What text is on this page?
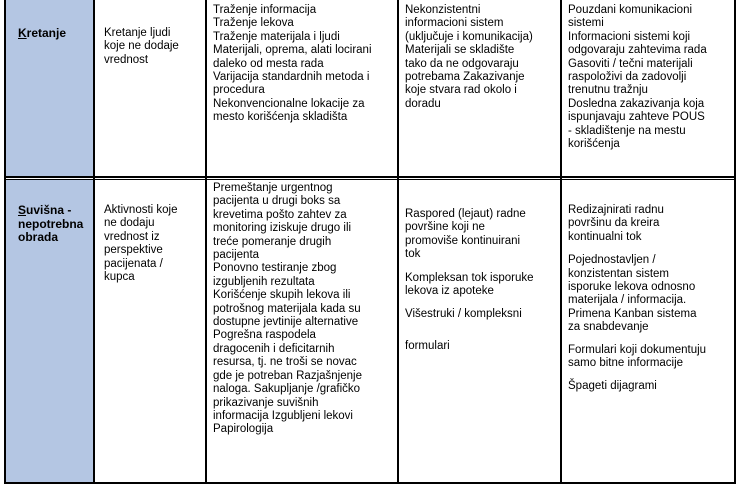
Kretanje	Kretanje ljudi
koje ne dodaje
vrednost
Traženje informacija
Traženje lekova
Traženje materijala i ljudi
Materijali, oprema, alati locirani
daleko od mesta rada
Varijacija standardnih metoda i
procedura
Nekonvencionalne lokacije za
mesto korišćenja skladišta
Nekonzistentni
informacioni sistem
(uključuje i komunikacija)
Materijali se skladište
tako da ne odgovaraju
potrebama Zakazivanje
koje stvara rad okolo i
doradu
Pouzdani komunikacioni
sistemi
Informacioni sistemi koji
odgovaraju zahtevima rada
Gasoviti / tečni materijali
raspoloživi da zadovolji
trenutnu tražnju
Dosledna zakazivanja koja
ispunjavaju zahteve POUS
- skladištenje na mestu
korišćenja
Suvišna -
nepotrebna
obrada
Aktivnosti koje
ne dodaju
vrednost iz
perspektive
pacijenata /
kupca
Premeštanje urgentnog
pacijenta u drugi boks sa
krevetima pošto zahtev za
monitoring iziskuje drugo ili
treće pomeranje drugih
pacijenta
Ponovno testiranje zbog
izgubljenih rezultata
Korišćenje skupih lekova ili
potrošnog materijala kada su
dostupne jevtinije alternative
Pogrešna raspodela
dragocenih i deficitarnih
resursa, tj. ne troši se novac
gde je potreban Razjašnjenje
naloga. Sakupljanje /grafičko
prikazivanje suvišnih
informacija Izgubljeni lekovi
Papirologija
Raspored (lejaut) radne
površine koji ne
promoviše kontinuirani
tok
Kompleksan tok isporuke
lekova iz apoteke
Višestruki / kompleksni
formulari
Redizajnirati radnu
površinu da kreira
kontinualni tok
Pojednostavljen /
konzistentan sistem
isporuke lekova odnosno
materijala / informacija.
Primena Kanban sistema
za snabdevanje
Formulari koji dokumentuju
samo bitne informacije
Špageti dijagrami
